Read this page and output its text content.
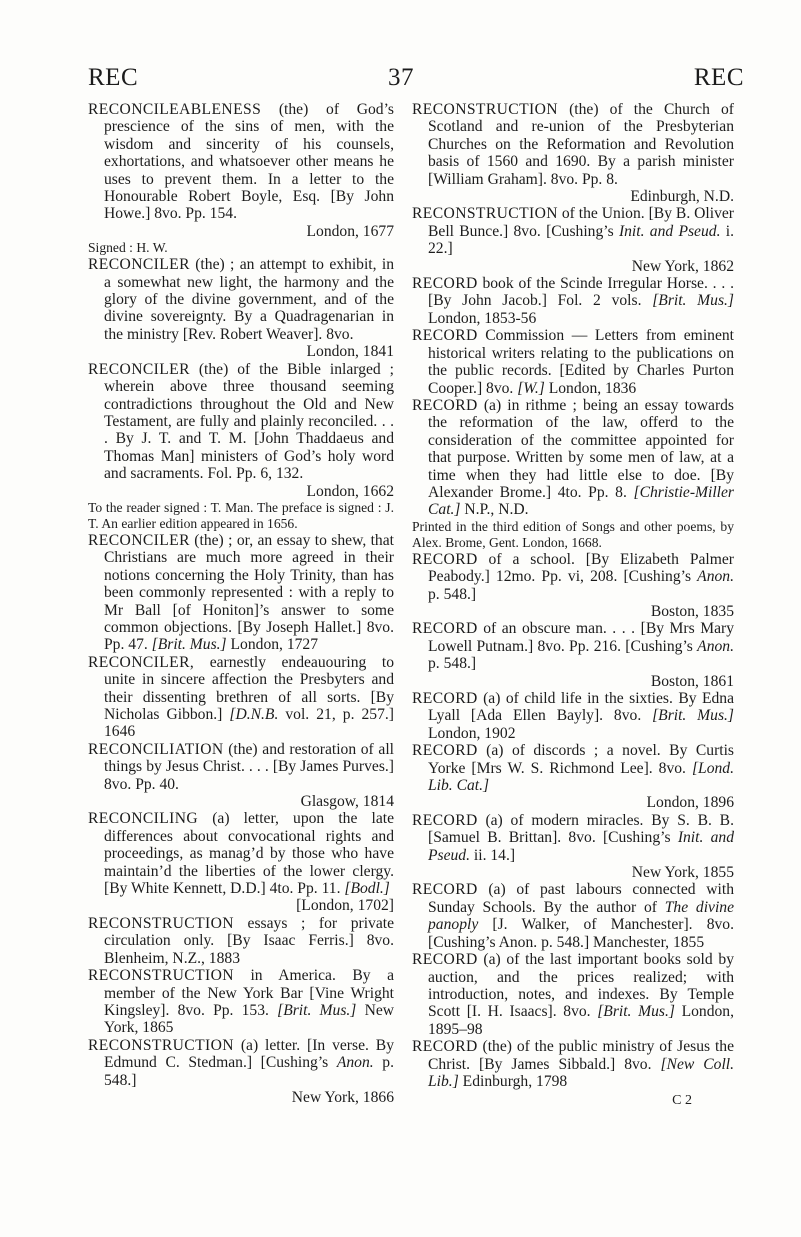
REC	37	REC

RECONCILEABLENESS (the) of God’s prescience of the sins of men, with the wisdom and sincerity of his counsels, exhortations, and whatsoever other means he uses to prevent them. In a letter to the Honourable Robert Boyle, Esq. [By John Howe.] 8vo. Pp. 154.
London, 1677
Signed : H. W.

RECONCILER (the) ; an attempt to exhibit, in a somewhat new light, the harmony and the glory of the divine government, and of the divine sovereignty. By a Quadragenarian in the ministry [Rev. Robert Weaver]. 8vo.
London, 1841

RECONCILER (the) of the Bible inlarged ; wherein above three thousand seeming contradictions throughout the Old and New Testament, are fully and plainly reconciled. . . . By J. T. and T. M. [John Thaddaeus and Thomas Man] ministers of God’s holy word and sacraments. Fol. Pp. 6, 132.
London, 1662
To the reader signed : T. Man. The preface is signed : J. T. An earlier edition appeared in 1656.

RECONCILER (the) ; or, an essay to shew, that Christians are much more agreed in their notions concerning the Holy Trinity, than has been commonly represented : with a reply to Mr Ball [of Honiton]’s answer to some common objections. [By Joseph Hallet.] 8vo. Pp. 47. [Brit. Mus.] London, 1727

RECONCILER, earnestly endeauouring to unite in sincere affection the Presbyters and their dissenting brethren of all sorts. [By Nicholas Gibbon.] [D.N.B. vol. 21, p. 257.] 1646

RECONCILIATION (the) and restoration of all things by Jesus Christ. . . . [By James Purves.] 8vo. Pp. 40.
Glasgow, 1814

RECONCILING (a) letter, upon the late differences about convocational rights and proceedings, as manag’d by those who have maintain’d the liberties of the lower clergy. [By White Kennett, D.D.] 4to. Pp. 11. [Bodl.]
[London, 1702]

RECONSTRUCTION essays ; for private circulation only. [By Isaac Ferris.] 8vo. Blenheim, N.Z., 1883

RECONSTRUCTION in America. By a member of the New York Bar [Vine Wright Kingsley]. 8vo. Pp. 153. [Brit. Mus.] New York, 1865

RECONSTRUCTION (a) letter. [In verse. By Edmund C. Stedman.] [Cushing’s Anon. p. 548.]
New York, 1866

RECONSTRUCTION (the) of the Church of Scotland and re-union of the Presbyterian Churches on the Reformation and Revolution basis of 1560 and 1690. By a parish minister [William Graham]. 8vo. Pp. 8.
Edinburgh, N.D.

RECONSTRUCTION of the Union. [By B. Oliver Bell Bunce.] 8vo. [Cushing’s Init. and Pseud. i. 22.]
New York, 1862

RECORD book of the Scinde Irregular Horse. . . . [By John Jacob.] Fol. 2 vols. [Brit. Mus.] London, 1853-56

RECORD Commission — Letters from eminent historical writers relating to the publications on the public records. [Edited by Charles Purton Cooper.] 8vo. [W.] London, 1836

RECORD (a) in rithme ; being an essay towards the reformation of the law, offerd to the consideration of the committee appointed for that purpose. Written by some men of law, at a time when they had little else to doe. [By Alexander Brome.] 4to. Pp. 8. [Christie-Miller Cat.] N.P., N.D.
Printed in the third edition of Songs and other poems, by Alex. Brome, Gent. London, 1668.

RECORD of a school. [By Elizabeth Palmer Peabody.] 12mo. Pp. vi, 208. [Cushing’s Anon. p. 548.]
Boston, 1835

RECORD of an obscure man. . . . [By Mrs Mary Lowell Putnam.] 8vo. Pp. 216. [Cushing’s Anon. p. 548.]
Boston, 1861

RECORD (a) of child life in the sixties. By Edna Lyall [Ada Ellen Bayly]. 8vo. [Brit. Mus.] London, 1902

RECORD (a) of discords ; a novel. By Curtis Yorke [Mrs W. S. Richmond Lee]. 8vo. [Lond. Lib. Cat.]
London, 1896

RECORD (a) of modern miracles. By S. B. B. [Samuel B. Brittan]. 8vo. [Cushing’s Init. and Pseud. ii. 14.]
New York, 1855

RECORD (a) of past labours connected with Sunday Schools. By the author of The divine panoply [J. Walker, of Manchester]. 8vo. [Cushing’s Anon. p. 548.] Manchester, 1855

RECORD (a) of the last important books sold by auction, and the prices realized; with introduction, notes, and indexes. By Temple Scott [I. H. Isaacs]. 8vo. [Brit. Mus.] London, 1895–98

RECORD (the) of the public ministry of Jesus the Christ. [By James Sibbald.] 8vo. [New Coll. Lib.] Edinburgh, 1798

C 2
